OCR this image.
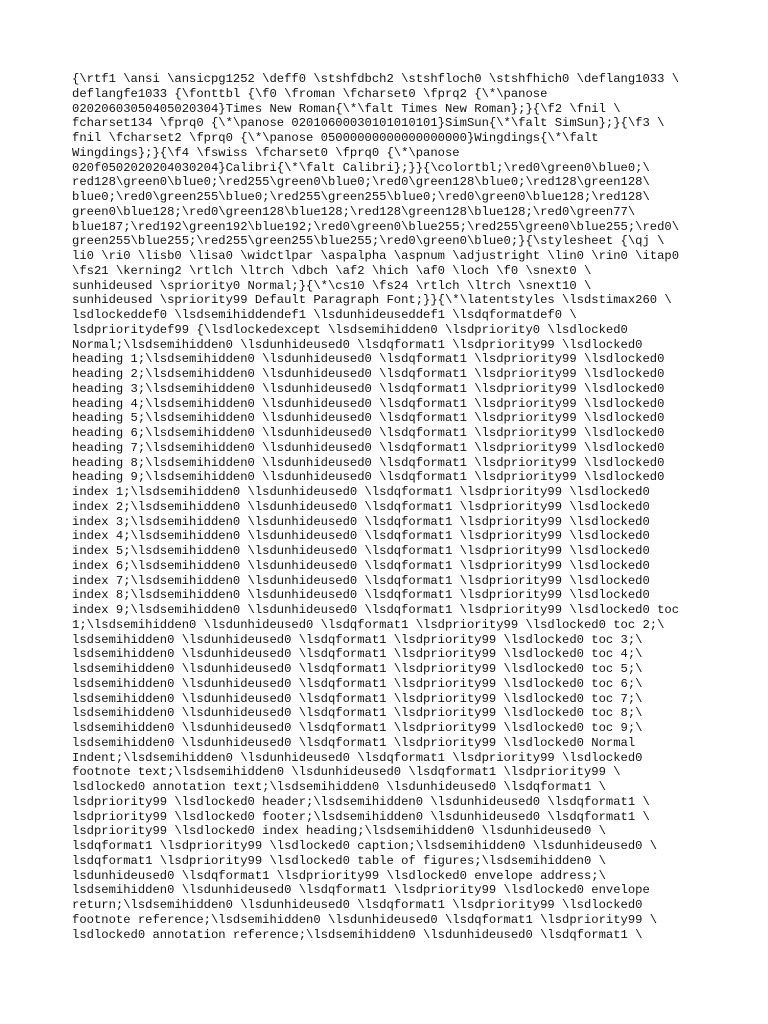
{\rtf1 \ansi \ansicpg1252 \deff0 \stshfdbch2 \stshfloch0 \stshfhich0 \deflang1033 \
deflangfe1033 {\fonttbl {\f0 \froman \fcharset0 \fprq2 {\*\panose
02020603050405020304}Times New Roman{\*\falt Times New Roman};}{\f2 \fnil \
fcharset134 \fprq0 {\*\panose 02010600030101010101}SimSun{\*\falt SimSun};}{\f3 \
fnil \fcharset2 \fprq0 {\*\panose 05000000000000000000}Wingdings{\*\falt
Wingdings};}{\f4 \fswiss \fcharset0 \fprq0 {\*\panose
020f0502020204030204}Calibri{\*\falt Calibri};}}{\colortbl;\red0\green0\blue0;\
red128\green0\blue0;\red255\green0\blue0;\red0\green128\blue0;\red128\green128\
blue0;\red0\green255\blue0;\red255\green255\blue0;\red0\green0\blue128;\red128\
green0\blue128;\red0\green128\blue128;\red128\green128\blue128;\red0\green77\
blue187;\red192\green192\blue192;\red0\green0\blue255;\red255\green0\blue255;\red0\
green255\blue255;\red255\green255\blue255;\red0\green0\blue0;}{\stylesheet {\qj \
li0 \ri0 \lisb0 \lisa0 \widctlpar \aspalpha \aspnum \adjustright \lin0 \rin0 \itap0
\fs21 \kerning2 \rtlch \ltrch \dbch \af2 \hich \af0 \loch \f0 \snext0 \
sunhideused \spriority0 Normal;}{\*\cs10 \fs24 \rtlch \ltrch \snext10 \
sunhideused \spriority99 Default Paragraph Font;}}{\*\latentstyles \lsdstimax260 \
lsdlockeddef0 \lsdsemihiddendef1 \lsdunhideuseddef1 \lsdqformatdef0 \
lsdprioritydef99 {\lsdlockedexcept \lsdsemihidden0 \lsdpriority0 \lsdlocked0
Normal;\lsdsemihidden0 \lsdunhideused0 \lsdqformat1 \lsdpriority99 \lsdlocked0
heading 1;\lsdsemihidden0 \lsdunhideused0 \lsdqformat1 \lsdpriority99 \lsdlocked0
heading 2;\lsdsemihidden0 \lsdunhideused0 \lsdqformat1 \lsdpriority99 \lsdlocked0
heading 3;\lsdsemihidden0 \lsdunhideused0 \lsdqformat1 \lsdpriority99 \lsdlocked0
heading 4;\lsdsemihidden0 \lsdunhideused0 \lsdqformat1 \lsdpriority99 \lsdlocked0
heading 5;\lsdsemihidden0 \lsdunhideused0 \lsdqformat1 \lsdpriority99 \lsdlocked0
heading 6;\lsdsemihidden0 \lsdunhideused0 \lsdqformat1 \lsdpriority99 \lsdlocked0
heading 7;\lsdsemihidden0 \lsdunhideused0 \lsdqformat1 \lsdpriority99 \lsdlocked0
heading 8;\lsdsemihidden0 \lsdunhideused0 \lsdqformat1 \lsdpriority99 \lsdlocked0
heading 9;\lsdsemihidden0 \lsdunhideused0 \lsdqformat1 \lsdpriority99 \lsdlocked0
index 1;\lsdsemihidden0 \lsdunhideused0 \lsdqformat1 \lsdpriority99 \lsdlocked0
index 2;\lsdsemihidden0 \lsdunhideused0 \lsdqformat1 \lsdpriority99 \lsdlocked0
index 3;\lsdsemihidden0 \lsdunhideused0 \lsdqformat1 \lsdpriority99 \lsdlocked0
index 4;\lsdsemihidden0 \lsdunhideused0 \lsdqformat1 \lsdpriority99 \lsdlocked0
index 5;\lsdsemihidden0 \lsdunhideused0 \lsdqformat1 \lsdpriority99 \lsdlocked0
index 6;\lsdsemihidden0 \lsdunhideused0 \lsdqformat1 \lsdpriority99 \lsdlocked0
index 7;\lsdsemihidden0 \lsdunhideused0 \lsdqformat1 \lsdpriority99 \lsdlocked0
index 8;\lsdsemihidden0 \lsdunhideused0 \lsdqformat1 \lsdpriority99 \lsdlocked0
index 9;\lsdsemihidden0 \lsdunhideused0 \lsdqformat1 \lsdpriority99 \lsdlocked0 toc
1;\lsdsemihidden0 \lsdunhideused0 \lsdqformat1 \lsdpriority99 \lsdlocked0 toc 2;\
lsdsemihidden0 \lsdunhideused0 \lsdqformat1 \lsdpriority99 \lsdlocked0 toc 3;\
lsdsemihidden0 \lsdunhideused0 \lsdqformat1 \lsdpriority99 \lsdlocked0 toc 4;\
lsdsemihidden0 \lsdunhideused0 \lsdqformat1 \lsdpriority99 \lsdlocked0 toc 5;\
lsdsemihidden0 \lsdunhideused0 \lsdqformat1 \lsdpriority99 \lsdlocked0 toc 6;\
lsdsemihidden0 \lsdunhideused0 \lsdqformat1 \lsdpriority99 \lsdlocked0 toc 7;\
lsdsemihidden0 \lsdunhideused0 \lsdqformat1 \lsdpriority99 \lsdlocked0 toc 8;\
lsdsemihidden0 \lsdunhideused0 \lsdqformat1 \lsdpriority99 \lsdlocked0 toc 9;\
lsdsemihidden0 \lsdunhideused0 \lsdqformat1 \lsdpriority99 \lsdlocked0 Normal
Indent;\lsdsemihidden0 \lsdunhideused0 \lsdqformat1 \lsdpriority99 \lsdlocked0
footnote text;\lsdsemihidden0 \lsdunhideused0 \lsdqformat1 \lsdpriority99 \
lsdlocked0 annotation text;\lsdsemihidden0 \lsdunhideused0 \lsdqformat1 \
lsdpriority99 \lsdlocked0 header;\lsdsemihidden0 \lsdunhideused0 \lsdqformat1 \
lsdpriority99 \lsdlocked0 footer;\lsdsemihidden0 \lsdunhideused0 \lsdqformat1 \
lsdpriority99 \lsdlocked0 index heading;\lsdsemihidden0 \lsdunhideused0 \
lsdqformat1 \lsdpriority99 \lsdlocked0 caption;\lsdsemihidden0 \lsdunhideused0 \
lsdqformat1 \lsdpriority99 \lsdlocked0 table of figures;\lsdsemihidden0 \
lsdunhideused0 \lsdqformat1 \lsdpriority99 \lsdlocked0 envelope address;\
lsdsemihidden0 \lsdunhideused0 \lsdqformat1 \lsdpriority99 \lsdlocked0 envelope
return;\lsdsemihidden0 \lsdunhideused0 \lsdqformat1 \lsdpriority99 \lsdlocked0
footnote reference;\lsdsemihidden0 \lsdunhideused0 \lsdqformat1 \lsdpriority99 \
lsdlocked0 annotation reference;\lsdsemihidden0 \lsdunhideused0 \lsdqformat1 \
